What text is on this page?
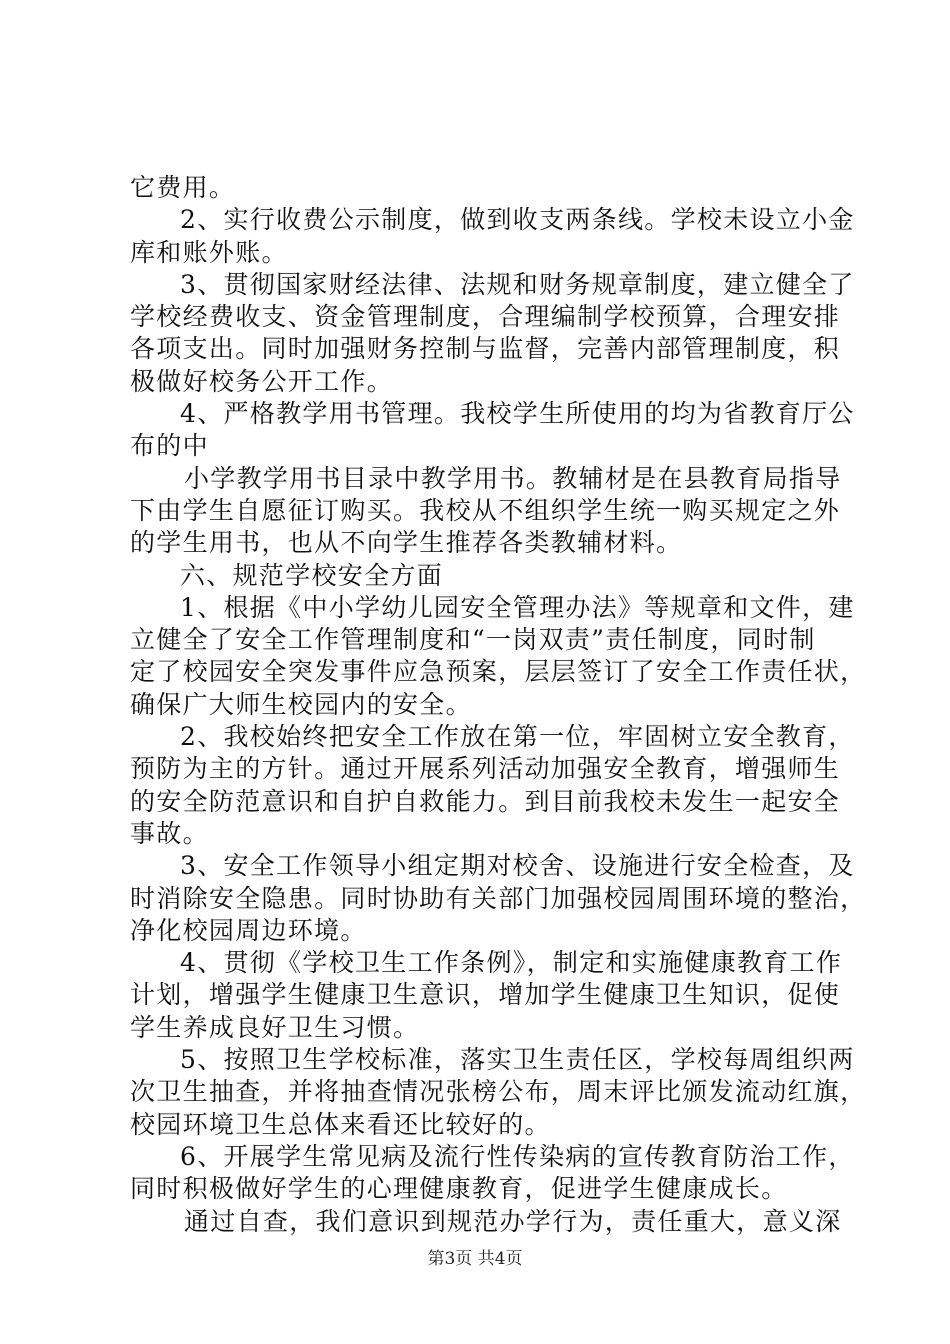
它费用。
2、实行收费公示制度，做到收支两条线。学校未设立小金
库和账外账。
3、贯彻国家财经法律、法规和财务规章制度，建立健全了
学校经费收支、资金管理制度，合理编制学校预算，合理安排
各项支出。同时加强财务控制与监督，完善内部管理制度，积
极做好校务公开工作。
4、严格教学用书管理。我校学生所使用的均为省教育厅公
布的中
小学教学用书目录中教学用书。教辅材是在县教育局指导
下由学生自愿征订购买。我校从不组织学生统一购买规定之外
的学生用书，也从不向学生推荐各类教辅材料。
六、规范学校安全方面
1、根据《中小学幼儿园安全管理办法》等规章和文件，建
立健全了安全工作管理制度和“一岗双责”责任制度，同时制
定了校园安全突发事件应急预案，层层签订了安全工作责任状，
确保广大师生校园内的安全。
2、我校始终把安全工作放在第一位，牢固树立安全教育，
预防为主的方针。通过开展系列活动加强安全教育，增强师生
的安全防范意识和自护自救能力。到目前我校未发生一起安全
事故。
3、安全工作领导小组定期对校舍、设施进行安全检查，及
时消除安全隐患。同时协助有关部门加强校园周围环境的整治，
净化校园周边环境。
4、贯彻《学校卫生工作条例》，制定和实施健康教育工作
计划，增强学生健康卫生意识，增加学生健康卫生知识，促使
学生养成良好卫生习惯。
5、按照卫生学校标准，落实卫生责任区，学校每周组织两
次卫生抽查，并将抽查情况张榜公布，周末评比颁发流动红旗，
校园环境卫生总体来看还比较好的。
6、开展学生常见病及流行性传染病的宣传教育防治工作，
同时积极做好学生的心理健康教育，促进学生健康成长。
通过自查，我们意识到规范办学行为，责任重大，意义深
第3页 共4页
